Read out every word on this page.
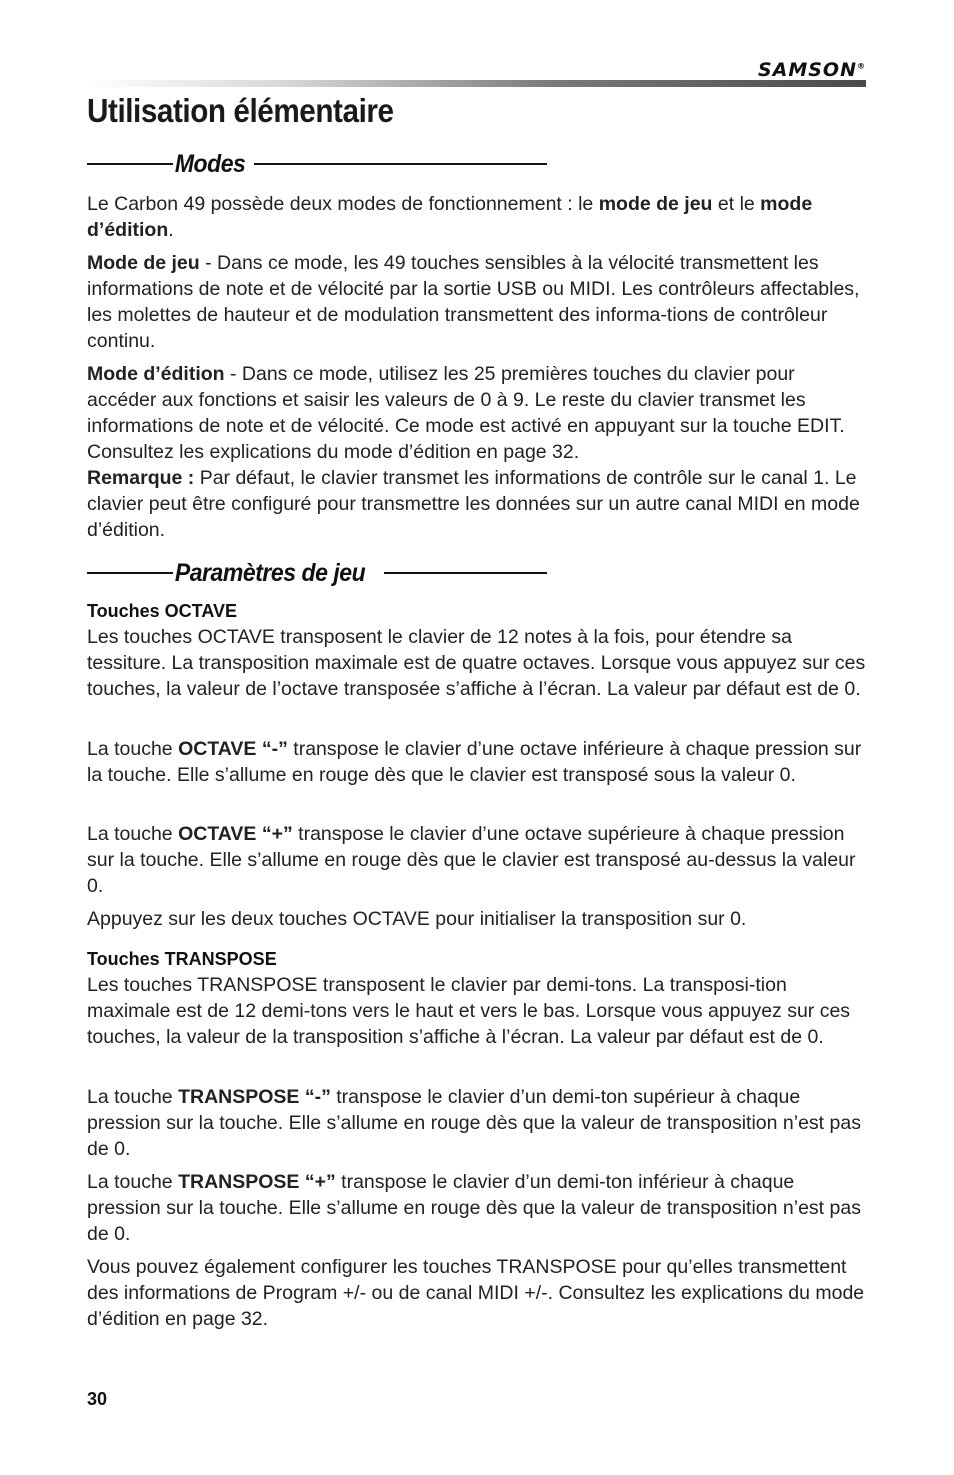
SAMSON®
Utilisation élémentaire
Modes

Le Carbon 49 possède deux modes de fonctionnement : le mode de jeu et le mode d’édition.

Mode de jeu - Dans ce mode, les 49 touches sensibles à la vélocité transmettent les informations de note et de vélocité par la sortie USB ou MIDI. Les contrôleurs affectables, les molettes de hauteur et de modulation transmettent des informa-tions de contrôleur continu.

Mode d’édition - Dans ce mode, utilisez les 25 premières touches du clavier pour accéder aux fonctions et saisir les valeurs de 0 à 9. Le reste du clavier transmet les informations de note et de vélocité. Ce mode est activé en appuyant sur la touche EDIT. Consultez les explications du mode d’édition en page 32.

Remarque : Par défaut, le clavier transmet les informations de contrôle sur le canal 1. Le clavier peut être configuré pour transmettre les données sur un autre canal MIDI en mode d’édition.

Paramètres de jeu
Touches OCTAVE

Les touches OCTAVE transposent le clavier de 12 notes à la fois, pour étendre sa tessiture. La transposition maximale est de quatre octaves. Lorsque vous appuyez sur ces touches, la valeur de l’octave transposée s’affiche à l’écran. La valeur par défaut est de 0.

La touche OCTAVE “-” transpose le clavier d’une octave inférieure à chaque pression sur la touche. Elle s’allume en rouge dès que le clavier est transposé sous la valeur 0.

La touche OCTAVE “+” transpose le clavier d’une octave supérieure à chaque pression sur la touche. Elle s’allume en rouge dès que le clavier est transposé au-dessus la valeur 0.

Appuyez sur les deux touches OCTAVE pour initialiser la transposition sur 0.

Touches TRANSPOSE

Les touches TRANSPOSE transposent le clavier par demi-tons. La transposi-tion maximale est de 12 demi-tons vers le haut et vers le bas. Lorsque vous appuyez sur ces touches, la valeur de la transposition s’affiche à l’écran. La valeur par défaut est de 0.

La touche TRANSPOSE “-” transpose le clavier d’un demi-ton supérieur à chaque pression sur la touche. Elle s’allume en rouge dès que la valeur de transposition n’est pas de 0.

La touche TRANSPOSE “+” transpose le clavier d’un demi-ton inférieur à chaque pression sur la touche. Elle s’allume en rouge dès que la valeur de transposition n’est pas de 0.

Vous pouvez également configurer les touches TRANSPOSE pour qu’elles transmettent des informations de Program +/- ou de canal MIDI +/-. Consultez les explications du mode d’édition en page 32.

30
